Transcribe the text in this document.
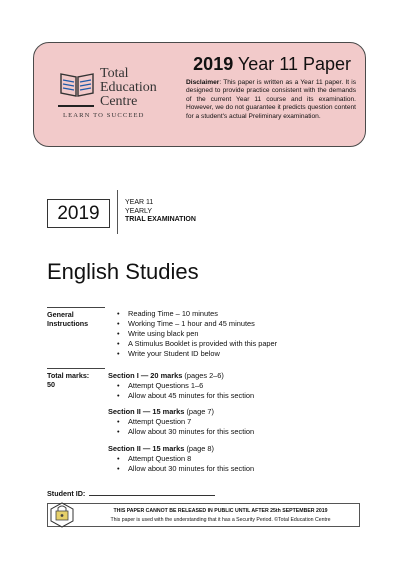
Total
Education
Centre
LEARN TO SUCCEED
2019 Year 11 Paper
Disclaimer: This paper is written as a Year 11 paper. It is designed to provide practice consistent with the demands of the current Year 11 course and its examination. However, we do not guarantee it predicts question content for a student's actual Preliminary examination.
2019
YEAR 11
YEARLY
TRIAL EXAMINATION
English Studies
General
Instructions
• Reading Time – 10 minutes
• Working Time – 1 hour and 45 minutes
• Write using black pen
• A Stimulus Booklet is provided with this paper
• Write your Student ID below
Total marks:
50
Section I — 20 marks (pages 2–6)
• Attempt Questions 1–6
• Allow about 45 minutes for this section
Section II — 15 marks (page 7)
• Attempt Question 7
• Allow about 30 minutes for this section
Section II — 15 marks (page 8)
• Attempt Question 8
• Allow about 30 minutes for this section
Student ID:
THIS PAPER CANNOT BE RELEASED IN PUBLIC UNTIL AFTER 25th SEPTEMBER 2019
This paper is used with the understanding that it has a Security Period. ©Total Education Centre
